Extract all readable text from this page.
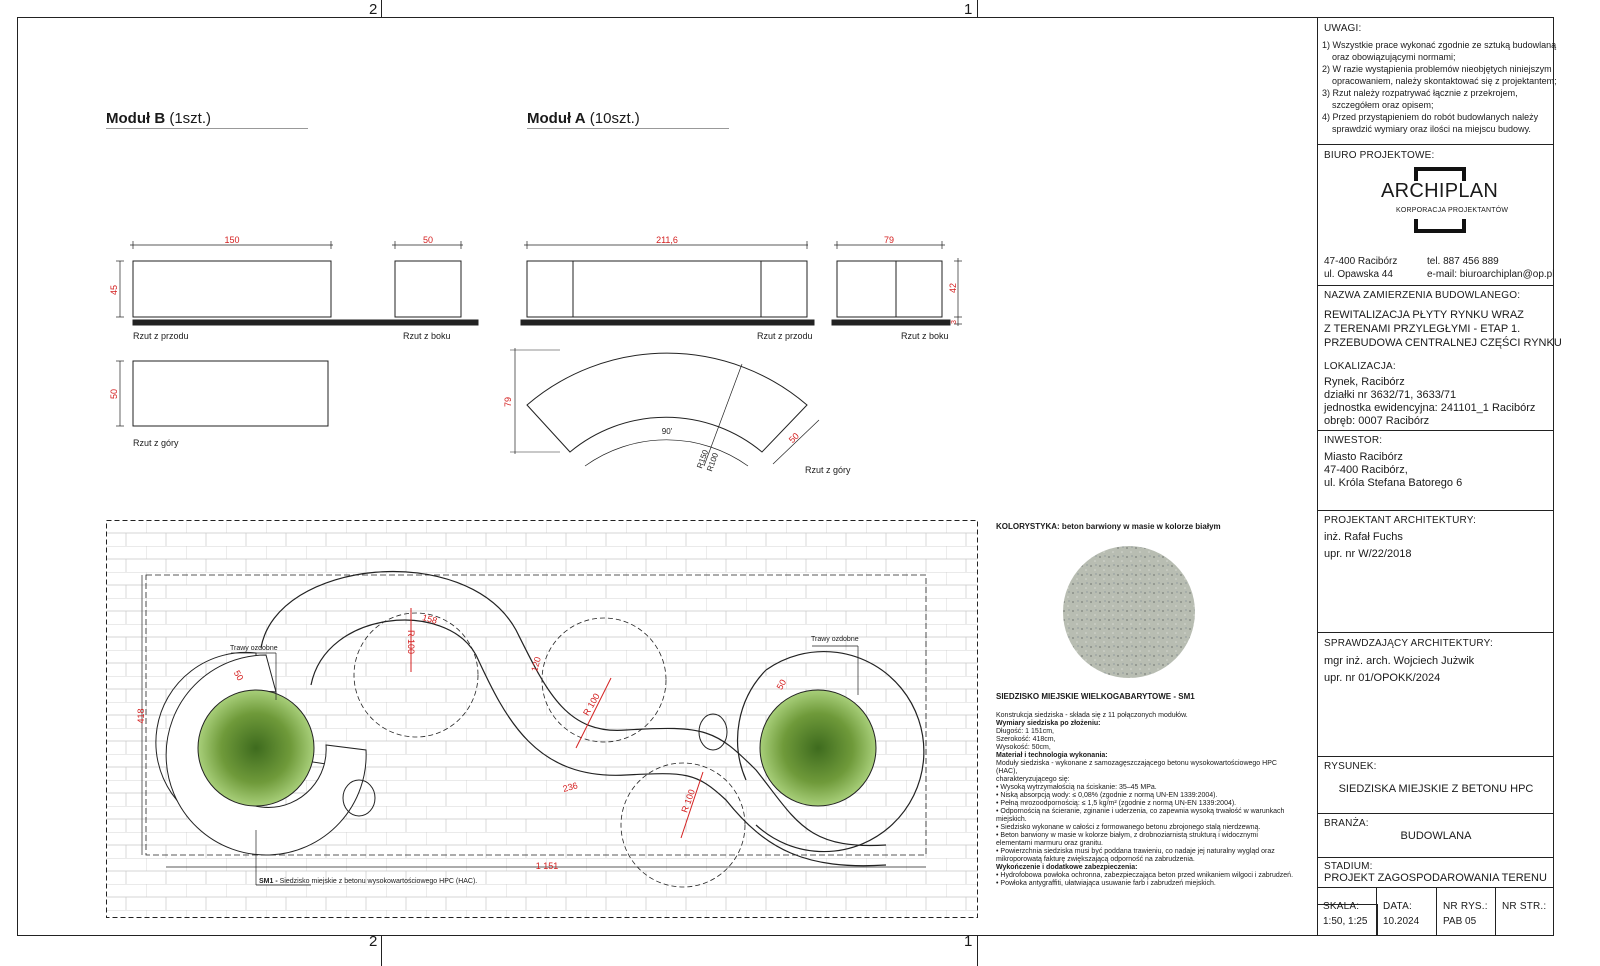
2	1
2	1
Moduł B (1szt.)	Moduł A (10szt.)
150	50
45
50
211,6	79
42
3
79
50
90'
R150
R100
Rzut z przodu	Rzut z boku
Rzut z góry
Rzut z przodu	Rzut z boku
Rzut z góry
R 100
R 100
R 100
158
120
236
418
1 151
50
50
Trawy ozdobne
Trawy ozdobne
SM1 - Siedzisko miejskie z betonu wysokowartościowego HPC (HAC).
KOLORYSTYKA: beton barwiony w masie w kolorze białym
SIEDZISKO MIEJSKIE WIELKOGABARYTOWE - SM1
Konstrukcja siedziska - składa się z 11 połączonych modułów.
Wymiary siedziska po złożeniu:
Długość: 1 151cm,
Szerokość: 418cm,
Wysokość: 50cm,
Materiał i technologia wykonania:
Moduły siedziska - wykonane z samozagęszczającego betonu wysokowartościowego HPC (HAC),
charakteryzującego się:
• Wysoką wytrzymałością na ściskanie: 35–45 MPa.
• Niską absorpcją wody: ≤ 0,08% (zgodnie z normą UN-EN 1339:2004).
• Pełną mrozoodpornością: ≤ 1,5 kg/m² (zgodnie z normą UN-EN 1339:2004).
• Odpornością na ścieranie, zginanie i uderzenia, co zapewnia wysoką trwałość w warunkach
miejskich.
• Siedzisko wykonane w całości z formowanego betonu zbrojonego stalą nierdzewną.
• Beton barwiony w masie w kolorze białym, z drobnoziarnistą strukturą i widocznymi
elementami marmuru oraz granitu.
• Powierzchnia siedziska musi być poddana trawieniu, co nadaje jej naturalny wygląd oraz
mikroporowatą fakturę zwiększającą odporność na zabrudzenia.
Wykończenie i dodatkowe zabezpieczenia:
• Hydrofobowa powłoka ochronna, zabezpieczająca beton przed wnikaniem wilgoci i zabrudzeń.
• Powłoka antygraffiti, ułatwiająca usuwanie farb i zabrudzeń miejskich.
UWAGI:
1) Wszystkie prace wykonać zgodnie ze sztuką budowlaną
oraz obowiązującymi normami;
2) W razie wystąpienia problemów nieobjętych niniejszym
opracowaniem, należy skontaktować się z projektantem;
3) Rzut należy rozpatrywać łącznie z przekrojem,
szczegółem oraz opisem;
4) Przed przystąpieniem do robót budowlanych należy
sprawdzić wymiary oraz ilości na miejscu budowy.
BIURO PROJEKTOWE:
ARCHIPLAN
KORPORACJA PROJEKTANTÓW
47-400 Racibórz
ul. Opawska 44
tel. 887 456 889
e-mail: biuroarchiplan@op.pl
NAZWA ZAMIERZENIA BUDOWLANEGO:
REWITALIZACJA PŁYTY RYNKU WRAZ
Z TERENAMI PRZYLEGŁYMI - ETAP 1.
PRZEBUDOWA CENTRALNEJ CZĘŚCI RYNKU
LOKALIZACJA:
Rynek, Racibórz
działki nr 3632/71, 3633/71
jednostka ewidencyjna: 241101_1 Racibórz
obręb: 0007 Racibórz
INWESTOR:
Miasto Racibórz
47-400 Racibórz,
ul. Króla Stefana Batorego 6
PROJEKTANT ARCHITEKTURY:
inż. Rafał Fuchs
upr. nr W/22/2018
SPRAWDZAJĄCY ARCHITEKTURY:
mgr inż. arch. Wojciech Jużwik
upr. nr 01/OPOKK/2024
RYSUNEK:
SIEDZISKA MIEJSKIE Z BETONU HPC
BRANŻA:
BUDOWLANA
STADIUM:
PROJEKT ZAGOSPODAROWANIA TERENU
SKALA:
1:50, 1:25
DATA:
10.2024
NR RYS.:
PAB 05
NR STR.:
